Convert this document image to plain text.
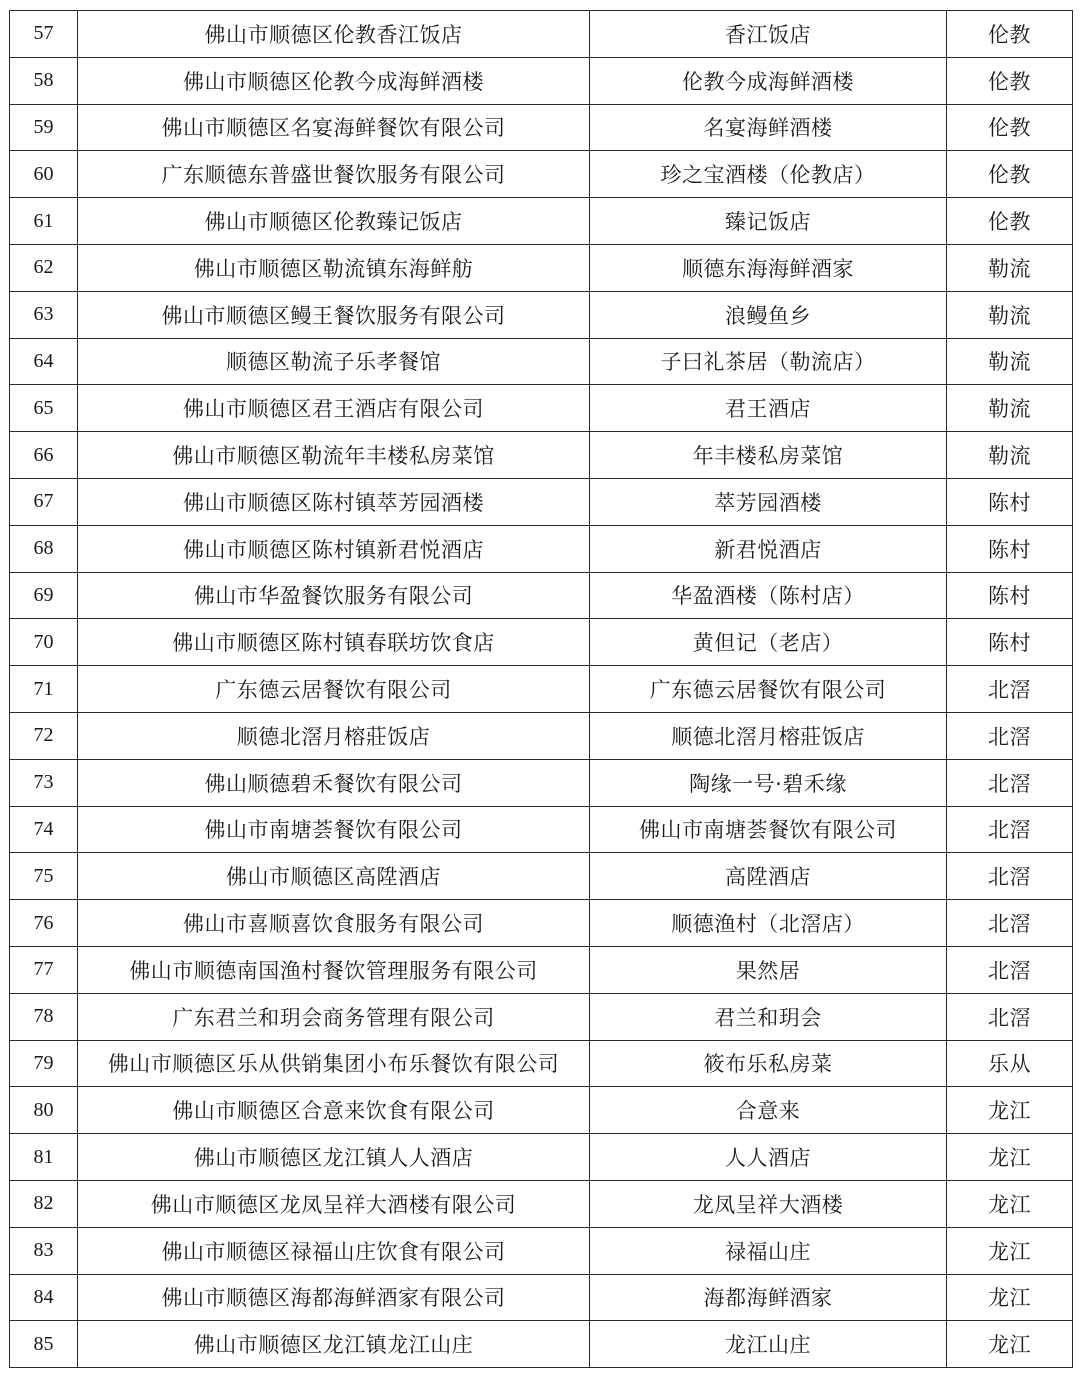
57	佛山市顺德区伦教香江饭店	香江饭店	伦教
58	佛山市顺德区伦教今成海鲜酒楼	伦教今成海鲜酒楼	伦教
59	佛山市顺德区名宴海鲜餐饮有限公司	名宴海鲜酒楼	伦教
60	广东顺德东普盛世餐饮服务有限公司	珍之宝酒楼（伦教店）	伦教
61	佛山市顺德区伦教臻记饭店	臻记饭店	伦教
62	佛山市顺德区勒流镇东海鲜舫	顺德东海海鲜酒家	勒流
63	佛山市顺德区鳗王餐饮服务有限公司	浪鳗鱼乡	勒流
64	顺德区勒流子乐孝餐馆	子曰礼茶居（勒流店）	勒流
65	佛山市顺德区君王酒店有限公司	君王酒店	勒流
66	佛山市顺德区勒流年丰楼私房菜馆	年丰楼私房菜馆	勒流
67	佛山市顺德区陈村镇萃芳园酒楼	萃芳园酒楼	陈村
68	佛山市顺德区陈村镇新君悦酒店	新君悦酒店	陈村
69	佛山市华盈餐饮服务有限公司	华盈酒楼（陈村店）	陈村
70	佛山市顺德区陈村镇春联坊饮食店	黄但记（老店）	陈村
71	广东德云居餐饮有限公司	广东德云居餐饮有限公司	北滘
72	顺德北滘月榕莊饭店	顺德北滘月榕莊饭店	北滘
73	佛山顺德碧禾餐饮有限公司	陶缘一号·碧禾缘	北滘
74	佛山市南塘荟餐饮有限公司	佛山市南塘荟餐饮有限公司	北滘
75	佛山市顺德区高陞酒店	高陞酒店	北滘
76	佛山市喜顺喜饮食服务有限公司	顺德渔村（北滘店）	北滘
77	佛山市顺德南国渔村餐饮管理服务有限公司	果然居	北滘
78	广东君兰和玥会商务管理有限公司	君兰和玥会	北滘
79	佛山市顺德区乐从供销集团小布乐餐饮有限公司	筱布乐私房菜	乐从
80	佛山市顺德区合意来饮食有限公司	合意来	龙江
81	佛山市顺德区龙江镇人人酒店	人人酒店	龙江
82	佛山市顺德区龙凤呈祥大酒楼有限公司	龙凤呈祥大酒楼	龙江
83	佛山市顺德区禄福山庄饮食有限公司	禄福山庄	龙江
84	佛山市顺德区海都海鲜酒家有限公司	海都海鲜酒家	龙江
85	佛山市顺德区龙江镇龙江山庄	龙江山庄	龙江
